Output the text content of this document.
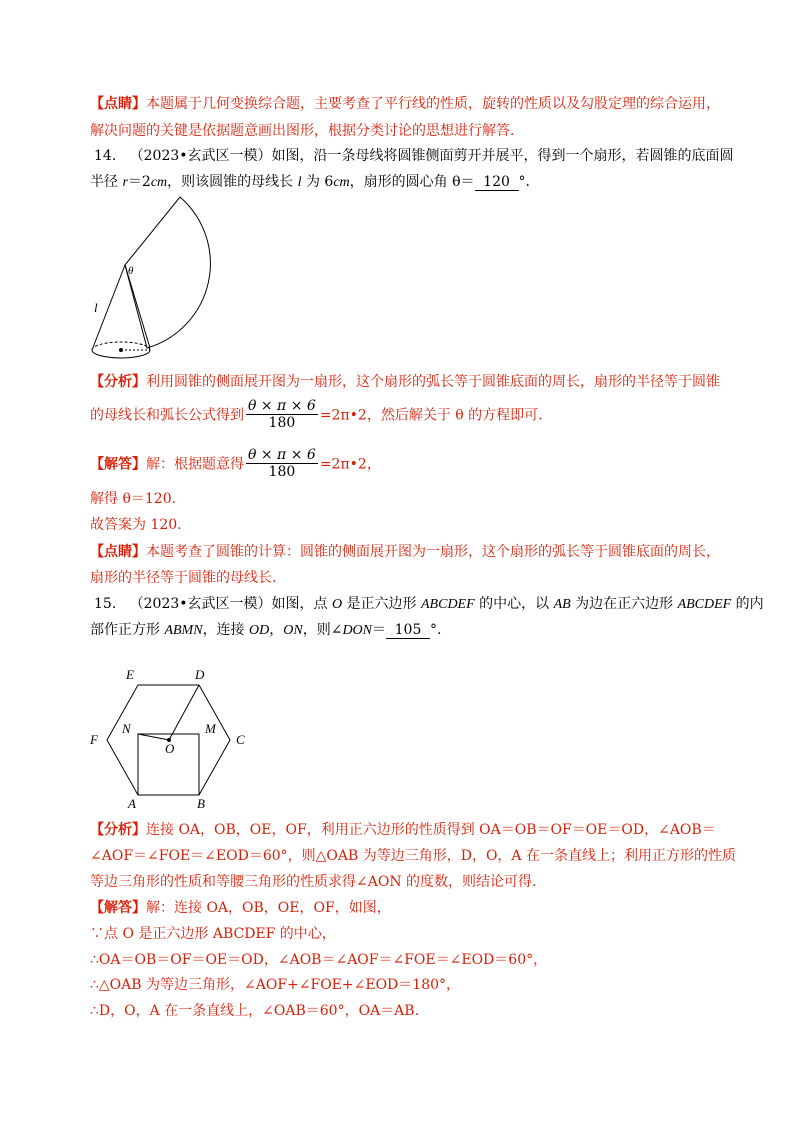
【点睛】本题属于几何变换综合题，主要考查了平行线的性质，旋转的性质以及勾股定理的综合运用，
解决问题的关键是依据题意画出图形，根据分类讨论的思想进行解答.
14. （2023•玄武区一模）如图，沿一条母线将圆锥侧面剪开并展平，得到一个扇形，若圆锥的底面圆
半径 r＝2cm，则该圆锥的母线长 l 为 6cm，扇形的圆心角 θ＝ 120 °.
θ
l
【分析】利用圆锥的侧面展开图为一扇形，这个扇形的弧长等于圆锥底面的周长，扇形的半径等于圆锥
的母线长和弧长公式得到 $\frac{\theta \times \pi \times 6}{180}$ =2π•2，然后解关于 θ 的方程即可.
【解答】解：根据题意得 $\frac{\theta \times \pi \times 6}{180}$ =2π•2，
解得 θ＝120.
故答案为 120.
【点睛】本题考查了圆锥的计算：圆锥的侧面展开图为一扇形，这个扇形的弧长等于圆锥底面的周长，
扇形的半径等于圆锥的母线长.
15. （2023•玄武区一模）如图，点 O 是正六边形 ABCDEF 的中心，以 AB 为边在正六边形 ABCDEF 的内
部作正方形 ABMN，连接 OD，ON，则∠DON＝ 105 °.
E	D
N	M
F	C
O
A	B
【分析】连接 OA，OB，OE，OF，利用正六边形的性质得到 OA＝OB＝OF＝OE＝OD，∠AOB＝
∠AOF＝∠FOE＝∠EOD＝60°，则△OAB 为等边三角形，D，O，A 在一条直线上；利用正方形的性质
等边三角形的性质和等腰三角形的性质求得∠AON 的度数，则结论可得.
【解答】解：连接 OA，OB，OE，OF，如图，
∵点 O 是正六边形 ABCDEF 的中心，
∴OA＝OB＝OF＝OE＝OD，∠AOB＝∠AOF＝∠FOE＝∠EOD＝60°，
∴△OAB 为等边三角形，∠AOF+∠FOE+∠EOD＝180°，
∴D，O，A 在一条直线上，∠OAB＝60°，OA＝AB.
